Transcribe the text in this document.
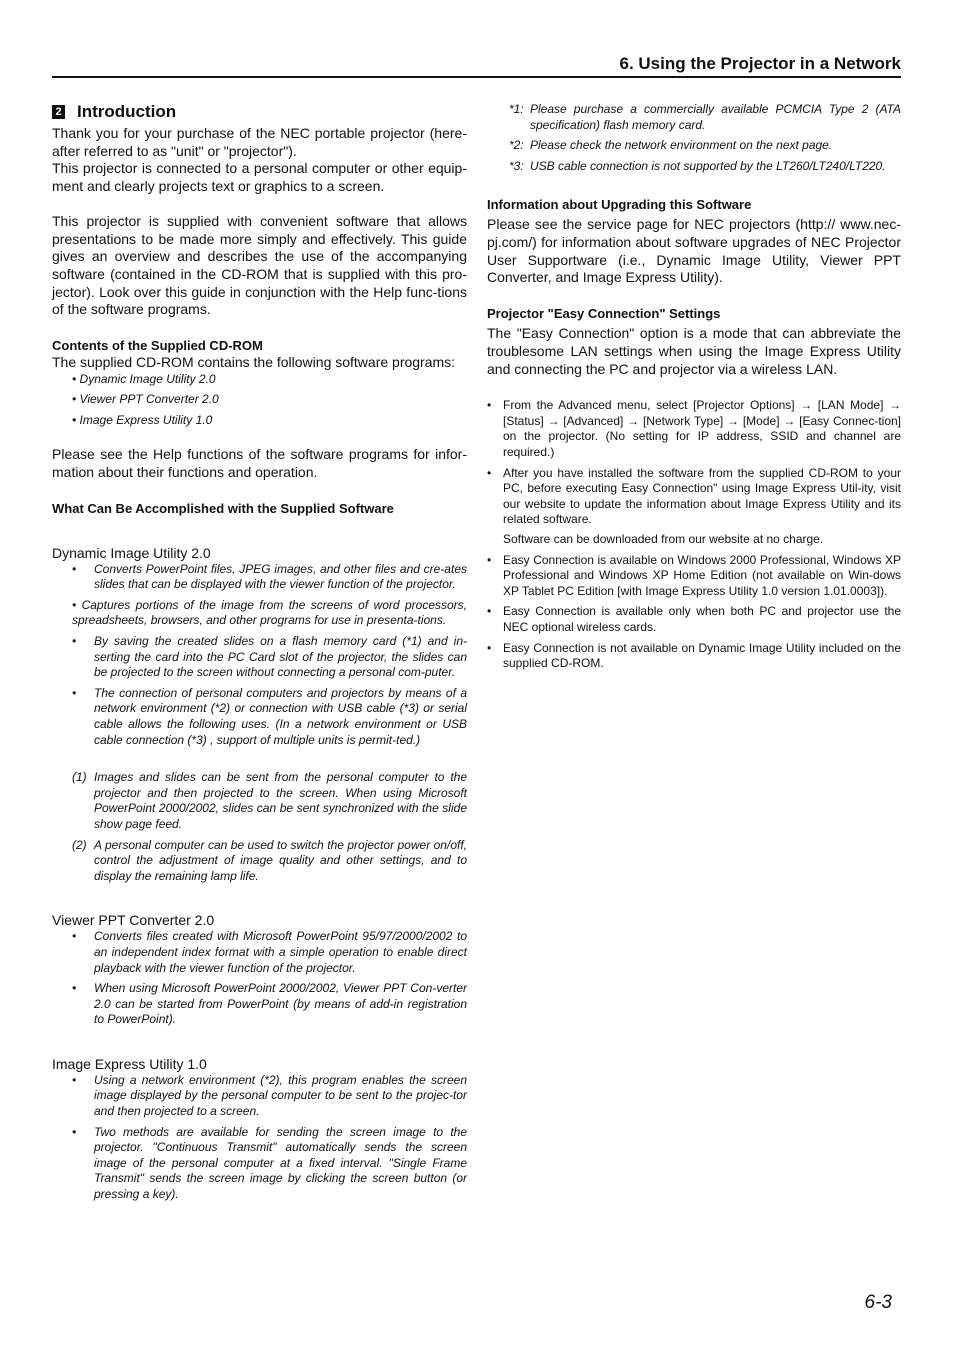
6. Using the Projector in a Network
2 Introduction

Thank you for your purchase of the NEC portable projector (here-after referred to as "unit" or "projector").

This projector is connected to a personal computer or other equip-ment and clearly projects text or graphics to a screen.

This projector is supplied with convenient software that allows presentations to be made more simply and effectively. This guide gives an overview and describes the use of the accompanying software (contained in the CD-ROM that is supplied with this pro-jector). Look over this guide in conjunction with the Help func-tions of the software programs.

Contents of the Supplied CD-ROM

The supplied CD-ROM contains the following software programs:

• Dynamic Image Utility 2.0
• Viewer PPT Converter 2.0
• Image Express Utility 1.0

Please see the Help functions of the software programs for infor-mation about their functions and operation.

What Can Be Accomplished with the Supplied Software
Dynamic Image Utility 2.0
• Converts PowerPoint files, JPEG images, and other files and cre-ates slides that can be displayed with the viewer function of the projector.
• Captures portions of the image from the screens of word processors, spreadsheets, browsers, and other programs for use in presenta-tions.
• By saving the created slides on a flash memory card (*1) and in-serting the card into the PC Card slot of the projector, the slides can be projected to the screen without connecting a personal com-puter.
• The connection of personal computers and projectors by means of a network environment (*2) or connection with USB cable (*3) or serial cable allows the following uses. (In a network environment or USB cable connection (*3) , support of multiple units is permit-ted.)
(1) Images and slides can be sent from the personal computer to the projector and then projected to the screen. When using Microsoft PowerPoint 2000/2002, slides can be sent synchronized with the slide show page feed.
(2) A personal computer can be used to switch the projector power on/off, control the adjustment of image quality and other settings, and to display the remaining lamp life.
Viewer PPT Converter 2.0
• Converts files created with Microsoft PowerPoint 95/97/2000/2002 to an independent index format with a simple operation to enable direct playback with the viewer function of the projector.
• When using Microsoft PowerPoint 2000/2002, Viewer PPT Con-verter 2.0 can be started from PowerPoint (by means of add-in registration to PowerPoint).
Image Express Utility 1.0
• Using a network environment (*2), this program enables the screen image displayed by the personal computer to be sent to the projec-tor and then projected to a screen.
• Two methods are available for sending the screen image to the projector. "Continuous Transmit" automatically sends the screen image of the personal computer at a fixed interval. "Single Frame Transmit" sends the screen image by clicking the screen button (or pressing a key).
*1: Please purchase a commercially available PCMCIA Type 2 (ATA specification) flash memory card.
*2: Please check the network environment on the next page.
*3: USB cable connection is not supported by the LT260/LT240/LT220.
Information about Upgrading this Software

Please see the service page for NEC projectors (http:// www.nec-pj.com/) for information about software upgrades of NEC Projector User Supportware (i.e., Dynamic Image Utility, Viewer PPT Converter, and Image Express Utility).

Projector "Easy Connection" Settings

The "Easy Connection" option is a mode that can abbreviate the troublesome LAN settings when using the Image Express Utility and connecting the PC and projector via a wireless LAN.

• From the Advanced menu, select [Projector Options] → [LAN Mode] → [Status] → [Advanced] → [Network Type] → [Mode] → [Easy Connec-tion] on the projector. (No setting for IP address, SSID and channel are required.)
• After you have installed the software from the supplied CD-ROM to your PC, before executing Easy Connection" using Image Express Util-ity, visit our website to update the information about Image Express Utility and its related software.
Software can be downloaded from our website at no charge.
• Easy Connection is available on Windows 2000 Professional, Windows XP Professional and Windows XP Home Edition (not available on Win-dows XP Tablet PC Edition [with Image Express Utility 1.0 version 1.01.0003]).
• Easy Connection is available only when both PC and projector use the NEC optional wireless cards.
• Easy Connection is not available on Dynamic Image Utility included on the supplied CD-ROM.
6-3
